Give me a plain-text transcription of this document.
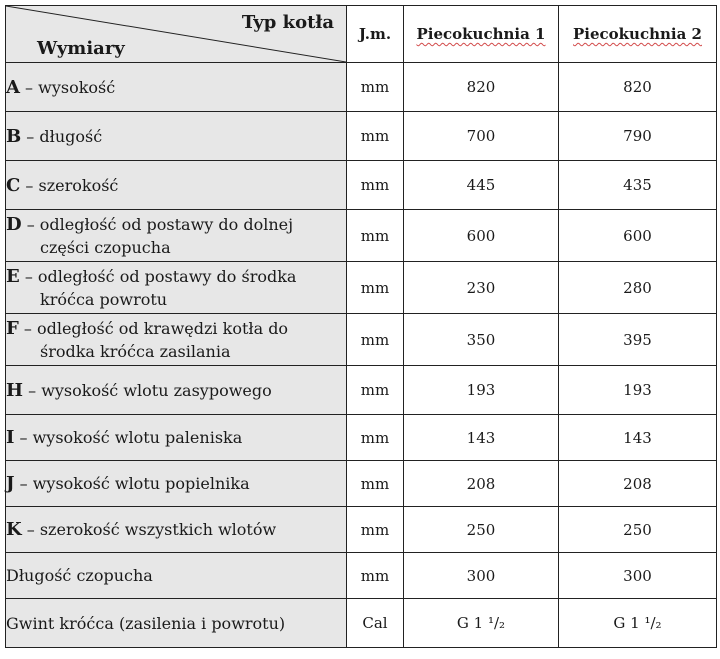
Typ kotła
Wymiary	J.m.	Piecokuchnia 1	Piecokuchnia 2
A – wysokość	mm	820	820
B – długość	mm	700	790
C – szerokość	mm	445	435
D – odległość od postawy do dolnej
części czopucha	mm	600	600
E – odległość od postawy do środka
króćca powrotu	mm	230	280
F – odległość od krawędzi kotła do
środka króćca zasilania	mm	350	395
H – wysokość wlotu zasypowego	mm	193	193
I – wysokość wlotu paleniska	mm	143	143
J – wysokość wlotu popielnika	mm	208	208
K – szerokość wszystkich wlotów	mm	250	250
Długość czopucha	mm	300	300
Gwint króćca (zasilenia i powrotu)	Cal	G 1 ¹/₂	G 1 ¹/₂
